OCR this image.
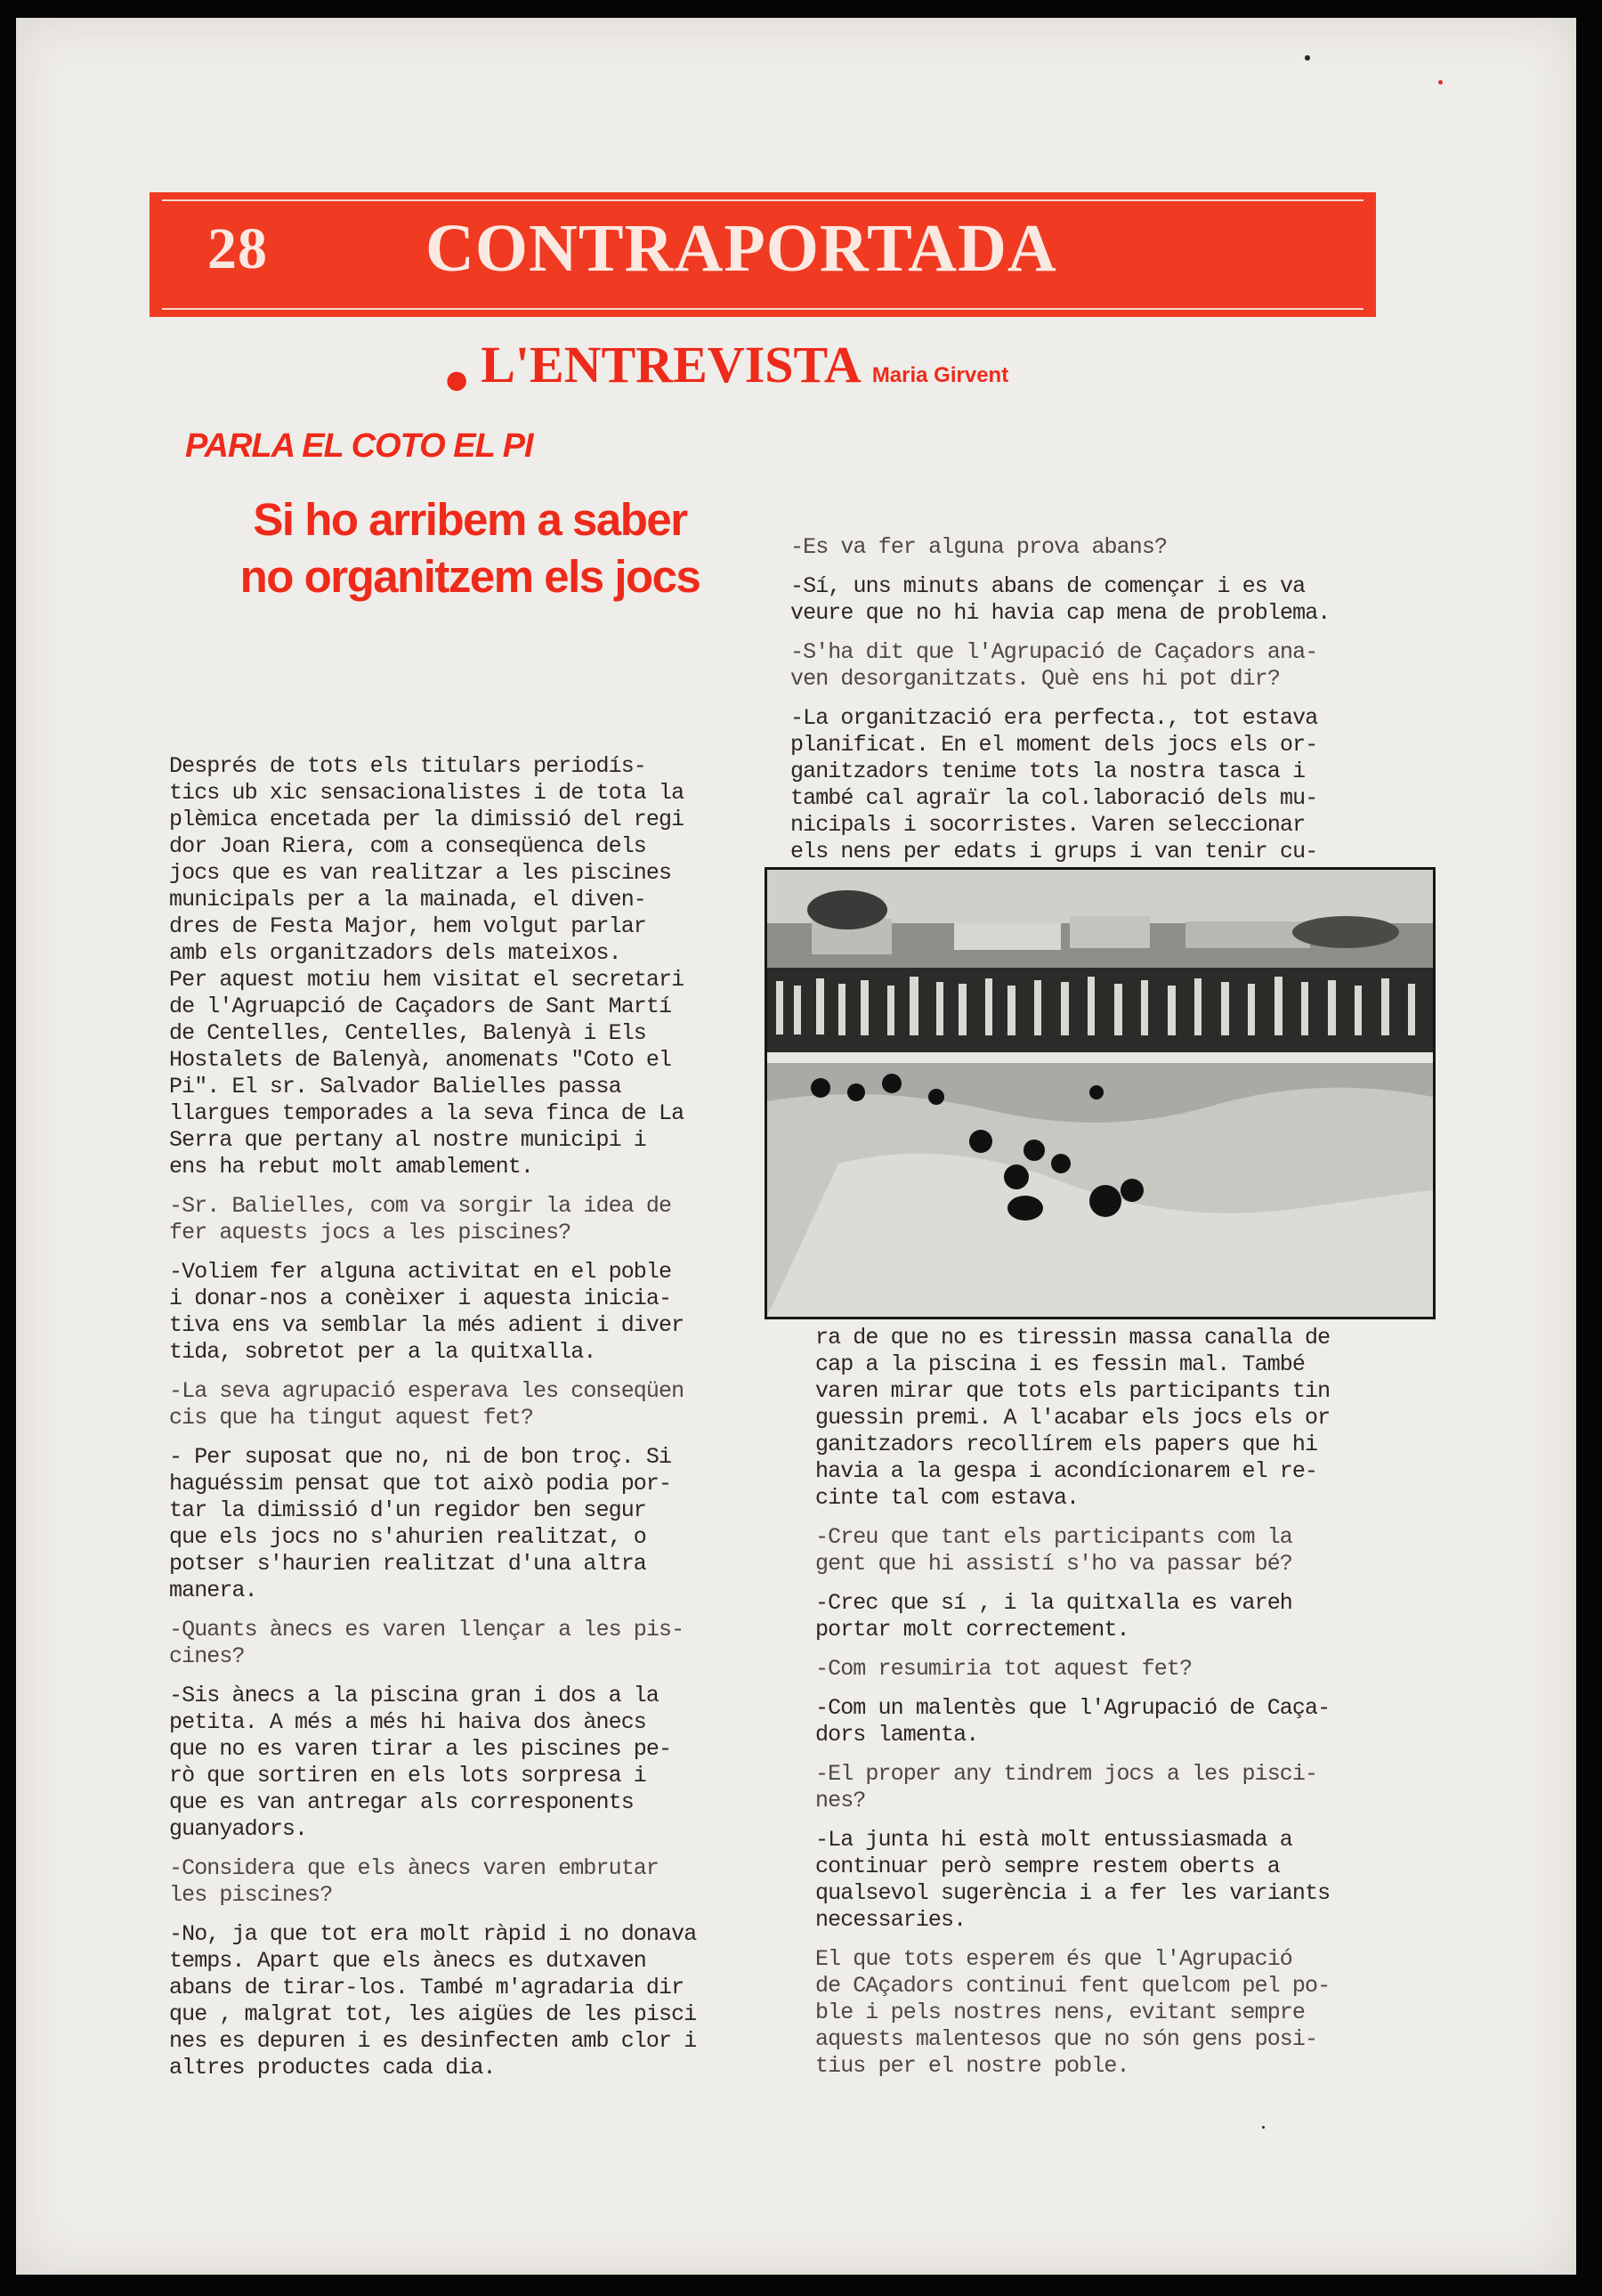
28 CONTRAPORTADA
● L'ENTREVISTA Maria Girvent
PARLA EL COTO EL PI
Si ho arribem a saber
no organitzem els jocs

Després de tots els titulars periodís-
tics ub xic sensacionalistes i de tota la
plèmica encetada per la dimissió del regi
dor Joan Riera, com a conseqüenca dels
jocs que es van realitzar a les piscines
municipals per a la mainada, el diven-
dres de Festa Major, hem volgut parlar
amb els organitzadors dels mateixos.
Per aquest motiu hem visitat el secretari
de l'Agruapció de Caçadors de Sant Martí
de Centelles, Centelles, Balenyà i Els
Hostalets de Balenyà, anomenats "Coto el
Pi". El sr. Salvador Balielles passa
llargues temporades a la seva finca de La
Serra que pertany al nostre municipi i
ens ha rebut molt amablement.

-Sr. Balielles, com va sorgir la idea de
fer aquests jocs a les piscines?

-Voliem fer alguna activitat en el poble
i donar-nos a conèixer i aquesta inicia-
tiva ens va semblar la més adient i diver
tida, sobretot per a la quitxalla.

-La seva agrupació esperava les conseqüen
cis que ha tingut aquest fet?

- Per suposat que no, ni de bon troç. Si
haguéssim pensat que tot això podia por-
tar la dimissió d'un regidor ben segur
que els jocs no s'ahurien realitzat, o
potser s'haurien realitzat d'una altra
manera.

-Quants ànecs es varen llençar a les pis-
cines?

-Sis ànecs a la piscina gran i dos a la
petita. A més a més hi haiva dos ànecs
que no es varen tirar a les piscines pe-
rò que sortiren en els lots sorpresa i
que es van antregar als corresponents
guanyadors.

-Considera que els ànecs varen embrutar
les piscines?

-No, ja que tot era molt ràpid i no donava
temps. Apart que els ànecs es dutxaven
abans de tirar-los. També m'agradaria dir
que , malgrat tot, les aigües de les pisci
nes es depuren i es desinfecten amb clor i
altres productes cada dia.

-Es va fer alguna prova abans?

-Sí, uns minuts abans de començar i es va
veure que no hi havia cap mena de problema.

-S'ha dit que l'Agrupació de Caçadors ana-
ven desorganitzats. Què ens hi pot dir?

-La organització era perfecta., tot estava
planificat. En el moment dels jocs els or-
ganitzadors tenime tots la nostra tasca i
també cal agraïr la col.laboració dels mu-
nicipals i socorristes. Varen seleccionar
els nens per edats i grups i van tenir cu-

ra de que no es tiressin massa canalla de
cap a la piscina i es fessin mal. També
varen mirar que tots els participants tin
guessin premi. A l'acabar els jocs els or
ganitzadors recollírem els papers que hi
havia a la gespa i acondícionarem el re-
cinte tal com estava.

-Creu que tant els participants com la
gent que hi assistí s'ho va passar bé?

-Crec que sí , i la quitxalla es vareh
portar molt correctement.

-Com resumiria tot aquest fet?

-Com un malentès que l'Agrupació de Caça-
dors lamenta.

-El proper any tindrem jocs a les pisci-
nes?

-La junta hi està molt entussiasmada a
continuar però sempre restem oberts a
qualsevol sugerència i a fer les variants
necessaries.

El que tots esperem és que l'Agrupació
de CAçadors continui fent quelcom pel po-
ble i pels nostres nens, evitant sempre
aquests malentesos que no són gens posi-
tius per el nostre poble.
